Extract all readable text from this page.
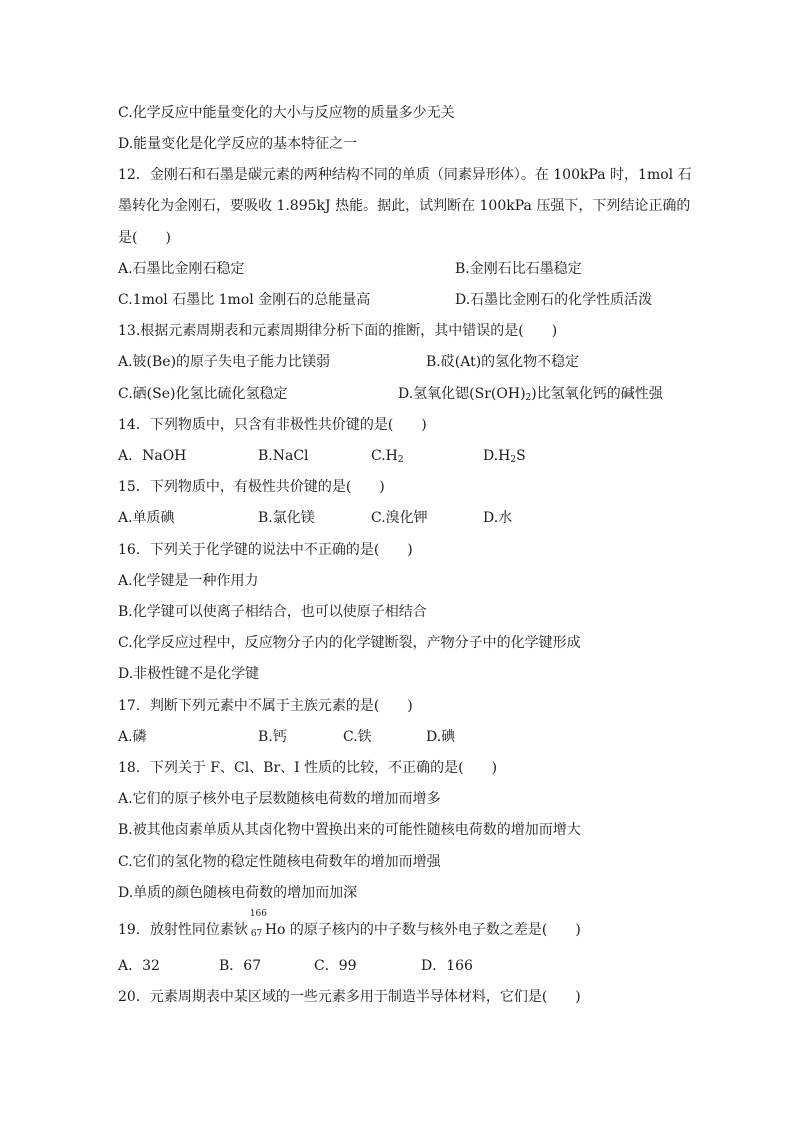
C.化学反应中能量变化的大小与反应物的质量多少无关
D.能量变化是化学反应的基本特征之一
12．金刚石和石墨是碳元素的两种结构不同的单质（同素异形体）。在 100kPa 时，1mol 石
墨转化为金刚石，要吸收 1.895kJ 热能。据此，试判断在 100kPa 压强下，下列结论正确的
是(　　)
A.石墨比金刚石稳定	B.金刚石比石墨稳定
C.1mol 石墨比 1mol 金刚石的总能量高	D.石墨比金刚石的化学性质活泼
13.根据元素周期表和元素周期律分析下面的推断，其中错误的是(　　)
A.铍(Be)的原子失电子能力比镁弱	B.砹(At)的氢化物不稳定
C.硒(Se)化氢比硫化氢稳定	D.氢氧化锶$(Sr(OH)_2)$比氢氧化钙的碱性强
14．下列物质中，只含有非极性共价键的是(　　)
A．NaOH	B.NaCl	$C.H_2$	$D.H_2S$
15．下列物质中，有极性共价键的是(　　)
A.单质碘	B.氯化镁	C.溴化钾	D.水
16．下列关于化学键的说法中不正确的是(　　)
A.化学键是一种作用力
B.化学键可以使离子相结合，也可以使原子相结合
C.化学反应过程中，反应物分子内的化学键断裂，产物分子中的化学键形成
D.非极性键不是化学键
17．判断下列元素中不属于主族元素的是(　　)
A.磷	B.钙	C.铁	D.碘
18．下列关于 F、Cl、Br、I 性质的比较，不正确的是(　　)
A.它们的原子核外电子层数随核电荷数的增加而增多
B.被其他卤素单质从其卤化物中置换出来的可能性随核电荷数的增加而增大
C.它们的氢化物的稳定性随核电荷数年的增加而增强
D.单质的颜色随核电荷数的增加而加深
19．放射性同位素钬
166
67 Ho 的原子核内的中子数与核外电子数之差是(　　)
A．32	B．67	C．99	D．166
20．元素周期表中某区域的一些元素多用于制造半导体材料，它们是(　　)
